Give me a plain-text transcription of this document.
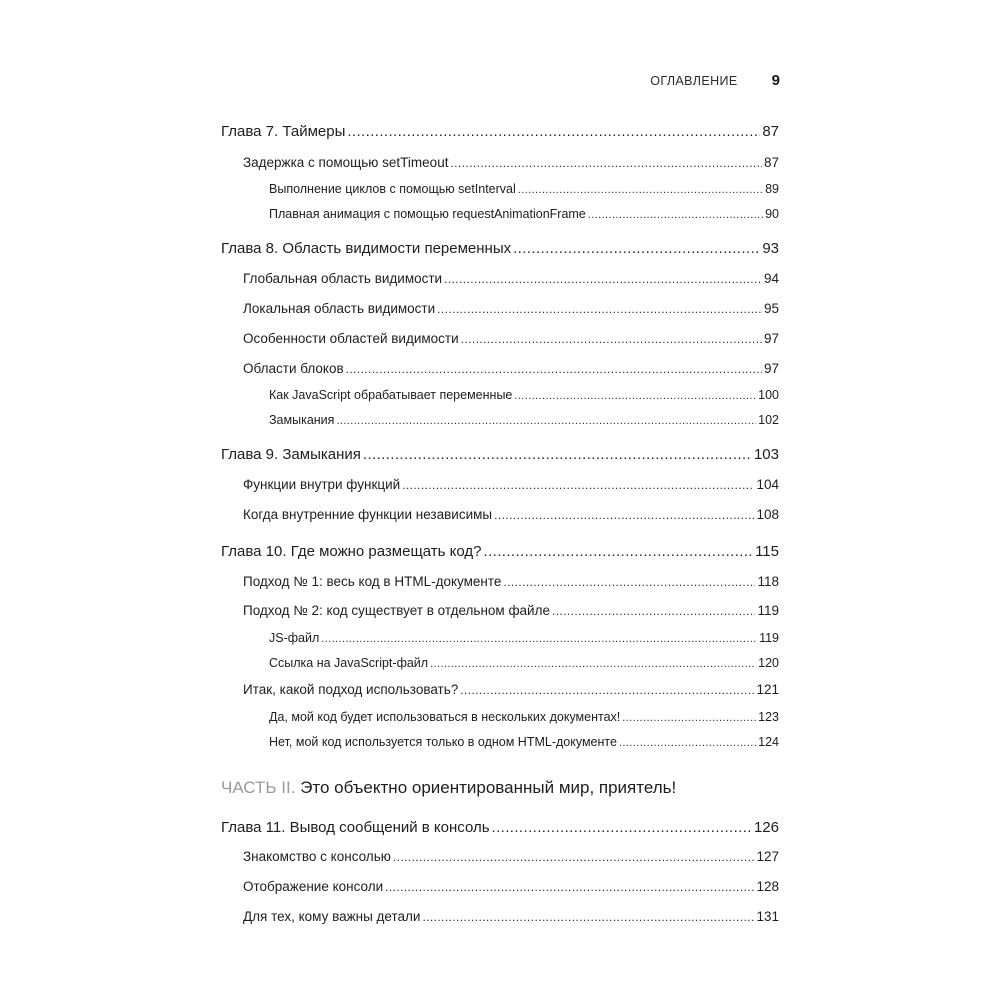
ОГЛАВЛЕНИЕ 9
Глава 7. Таймеры .....	87
Задержка с помощью setTimeout .....	87
Выполнение циклов с помощью setInterval .....	89
Плавная анимация с помощью requestAnimationFrame .....	90
Глава 8. Область видимости переменных .....	93
Глобальная область видимости .....	94
Локальная область видимости .....	95
Особенности областей видимости .....	97
Области блоков .....	97
Как JavaScript обрабатывает переменные .....	100
Замыкания .....	102
Глава 9. Замыкания .....	103
Функции внутри функций .....	104
Когда внутренние функции независимы .....	108
Глава 10. Где можно размещать код? .....	115
Подход № 1: весь код в HTML-документе .....	118
Подход № 2: код существует в отдельном файле .....	119
JS-файл .....	119
Ссылка на JavaScript-файл .....	120
Итак, какой подход использовать? .....	121
Да, мой код будет использоваться в нескольких документах! .....	123
Нет, мой код используется только в одном HTML-документе .....	124
ЧАСТЬ II. Это объектно ориентированный мир, приятель!
Глава 11. Вывод сообщений в консоль .....	126
Знакомство с консолью .....	127
Отображение консоли .....	128
Для тех, кому важны детали .....	131
